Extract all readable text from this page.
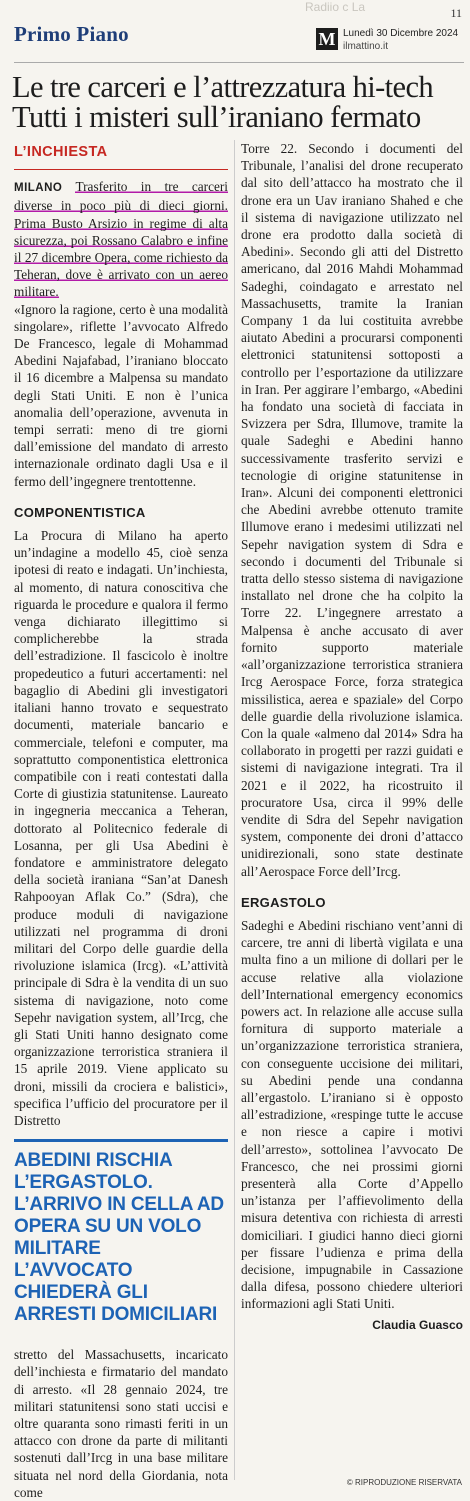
Radiio c La
Primo Piano	M Lunedì 30 Dicembre 2024
ilmattino.it
11
Le tre carceri e l’attrezzatura hi-tech
Tutti i misteri sull’iraniano fermato
L’INCHIESTA

MILANO Trasferito in tre carceri diverse in poco più di dieci giorni. Prima Busto Arsizio in regime di alta sicurezza, poi Rossano Calabro e infine il 27 dicembre Opera, come richiesto da Teheran, dove è arrivato con un aereo militare.

«Ignoro la ragione, certo è una modalità singolare», riflette l’avvocato Alfredo De Francesco, legale di Mohammad Abedini Najafabad, l’iraniano bloccato il 16 dicembre a Malpensa su mandato degli Stati Uniti. E non è l’unica anomalia dell’operazione, avvenuta in tempi serrati: meno di tre giorni dall’emissione del mandato di arresto internazionale ordinato dagli Usa e il fermo dell’ingegnere trentottenne.

COMPONENTISTICA

La Procura di Milano ha aperto un’indagine a modello 45, cioè senza ipotesi di reato e indagati. Un’inchiesta, al momento, di natura conoscitiva che riguarda le procedure e qualora il fermo venga dichiarato illegittimo si complicherebbe la strada dell’estradizione. Il fascicolo è inoltre propedeutico a futuri accertamenti: nel bagaglio di Abedini gli investigatori italiani hanno trovato e sequestrato documenti, materiale bancario e commerciale, telefoni e computer, ma soprattutto componentistica elettronica compatibile con i reati contestati dalla Corte di giustizia statunitense. Laureato in ingegneria meccanica a Teheran, dottorato al Politecnico federale di Losanna, per gli Usa Abedini è fondatore e amministratore delegato della società iraniana “San’at Danesh Rahpooyan Aflak Co.” (Sdra), che produce moduli di navigazione utilizzati nel programma di droni militari del Corpo delle guardie della rivoluzione islamica (Ircg). «L’attività principale di Sdra è la vendita di un suo sistema di navigazione, noto come Sepehr navigation system, all’Ircg, che gli Stati Uniti hanno designato come organizzazione terroristica straniera il 15 aprile 2019. Viene applicato su droni, missili da crociera e balistici», specifica l’ufficio del procuratore per il Distretto

ABEDINI RISCHIA L’ERGASTOLO. L’ARRIVO IN CELLA AD OPERA SU UN VOLO MILITARE L’AVVOCATO CHIEDERÀ GLI ARRESTI DOMICILIARI

stretto del Massachusetts, incaricato dell’inchiesta e firmatario del mandato di arresto. «Il 28 gennaio 2024, tre militari statunitensi sono stati uccisi e oltre quaranta sono rimasti feriti in un attacco con drone da parte di militanti sostenuti dall’Ircg in una base militare situata nel nord della Giordania, nota come

Torre 22. Secondo i documenti del Tribunale, l’analisi del drone recuperato dal sito dell’attacco ha mostrato che il drone era un Uav iraniano Shahed e che il sistema di navigazione utilizzato nel drone era prodotto dalla società di Abedini». Secondo gli atti del Distretto americano, dal 2016 Mahdi Mohammad Sadeghi, coindagato e arrestato nel Massachusetts, tramite la Iranian Company 1 da lui costituita avrebbe aiutato Abedini a procurarsi componenti elettronici statunitensi sottoposti a controllo per l’esportazione da utilizzare in Iran. Per aggirare l’embargo, «Abedini ha fondato una società di facciata in Svizzera per Sdra, Illumove, tramite la quale Sadeghi e Abedini hanno successivamente trasferito servizi e tecnologie di origine statunitense in Iran». Alcuni dei componenti elettronici che Abedini avrebbe ottenuto tramite Illumove erano i medesimi utilizzati nel Sepehr navigation system di Sdra e secondo i documenti del Tribunale si tratta dello stesso sistema di navigazione installato nel drone che ha colpito la Torre 22. L’ingegnere arrestato a Malpensa è anche accusato di aver fornito supporto materiale «all’organizzazione terroristica straniera Ircg Aerospace Force, forza strategica missilistica, aerea e spaziale» del Corpo delle guardie della rivoluzione islamica. Con la quale «almeno dal 2014» Sdra ha collaborato in progetti per razzi guidati e sistemi di navigazione integrati. Tra il 2021 e il 2022, ha ricostruito il procuratore Usa, circa il 99% delle vendite di Sdra del Sepehr navigation system, componente dei droni d’attacco unidirezionali, sono state destinate all’Aerospace Force dell’Ircg.

ERGASTOLO

Sadeghi e Abedini rischiano vent’anni di carcere, tre anni di libertà vigilata e una multa fino a un milione di dollari per le accuse relative alla violazione dell’International emergency economics powers act. In relazione alle accuse sulla fornitura di supporto materiale a un’organizzazione terroristica straniera, con conseguente uccisione dei militari, su Abedini pende una condanna all’ergastolo. L’iraniano si è opposto all’estradizione, «respinge tutte le accuse e non riesce a capire i motivi dell’arresto», sottolinea l’avvocato De Francesco, che nei prossimi giorni presenterà alla Corte d’Appello un’istanza per l’affievolimento della misura detentiva con richiesta di arresti domiciliari. I giudici hanno dieci giorni per fissare l’udienza e prima della decisione, impugnabile in Cassazione dalla difesa, possono chiedere ulteriori informazioni agli Stati Uniti.

Claudia Guasco
© RIPRODUZIONE RISERVATA
